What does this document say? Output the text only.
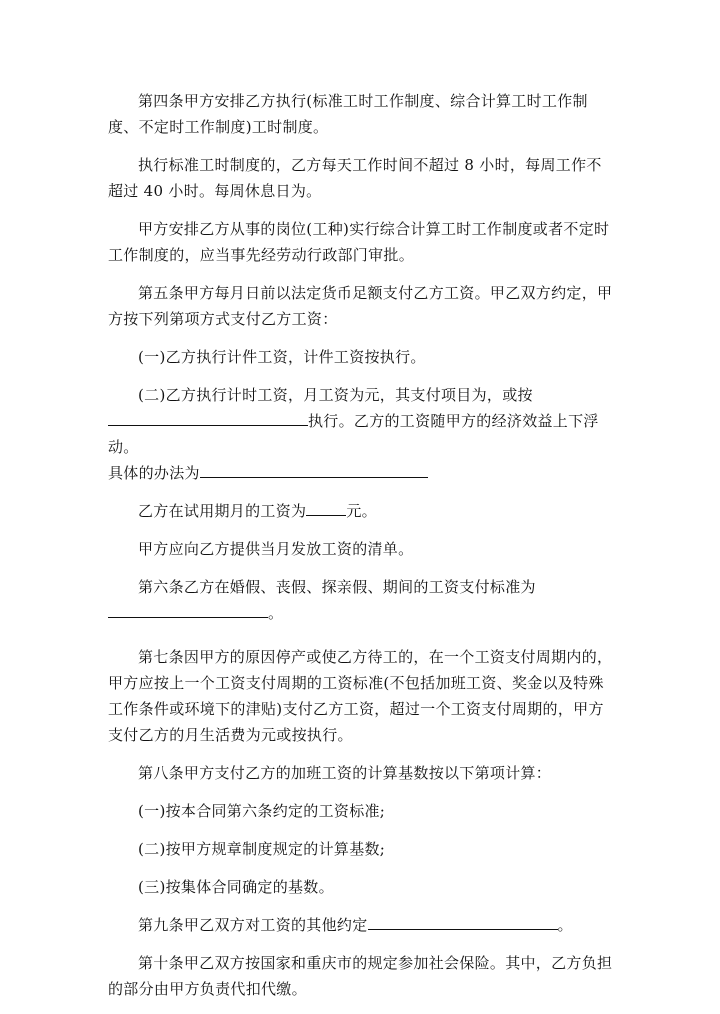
第四条甲方安排乙方执行(标准工时工作制度、综合计算工时工作制度、不定时工作制度)工时制度。

执行标准工时制度的，乙方每天工作时间不超过 8 小时，每周工作不超过 40 小时。每周休息日为。

甲方安排乙方从事的岗位(工种)实行综合计算工时工作制度或者不定时工作制度的，应当事先经劳动行政部门审批。

第五条甲方每月日前以法定货币足额支付乙方工资。甲乙双方约定，甲方按下列第项方式支付乙方工资：

(一)乙方执行计件工资，计件工资按执行。

(二)乙方执行计时工资，月工资为元，其支付项目为，或按

执行。乙方的工资随甲方的经济效益上下浮动。

具体的办法为

乙方在试用期月的工资为	元。

甲方应向乙方提供当月发放工资的清单。

第六条乙方在婚假、丧假、探亲假、期间的工资支付标准为

。

第七条因甲方的原因停产或使乙方待工的，在一个工资支付周期内的，甲方应按上一个工资支付周期的工资标准(不包括加班工资、奖金以及特殊工作条件或环境下的津贴)支付乙方工资，超过一个工资支付周期的，甲方支付乙方的月生活费为元或按执行。

第八条甲方支付乙方的加班工资的计算基数按以下第项计算：

(一)按本合同第六条约定的工资标准;

(二)按甲方规章制度规定的计算基数;

(三)按集体合同确定的基数。

第九条甲乙双方对工资的其他约定	。

第十条甲乙双方按国家和重庆市的规定参加社会保险。其中，乙方负担的部分由甲方负责代扣代缴。
